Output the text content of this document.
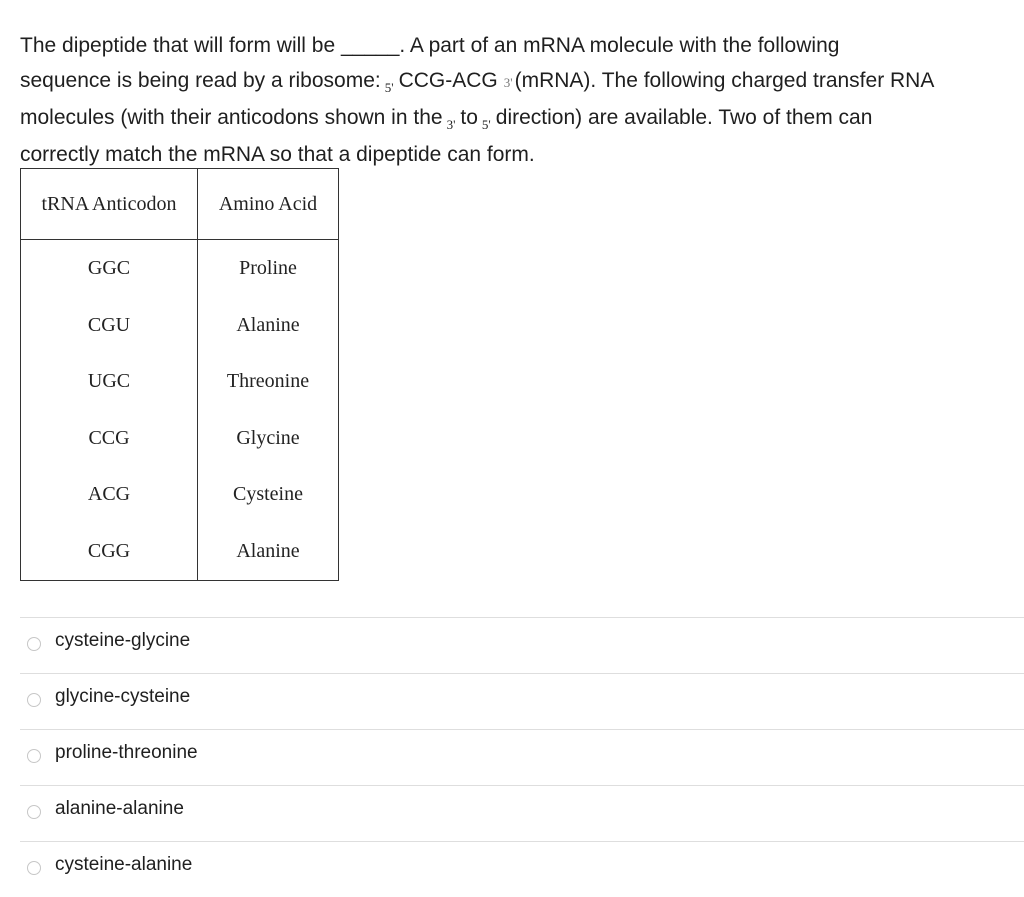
The dipeptide that will form will be _____. A part of an mRNA molecule with the following
sequence is being read by a ribosome: $_{5'}$ CCG-ACG 3'(mRNA). The following charged transfer RNA
molecules (with their anticodons shown in the $_{3'}$ to $_{5'}$ direction) are available. Two of them can
correctly match the mRNA so that a dipeptide can form.
tRNA Anticodon	Amino Acid
GGC	Proline
CGU	Alanine
UGC	Threonine
CCG	Glycine
ACG	Cysteine
CGG	Alanine
cysteine-glycine
glycine-cysteine
proline-threonine
alanine-alanine
cysteine-alanine
